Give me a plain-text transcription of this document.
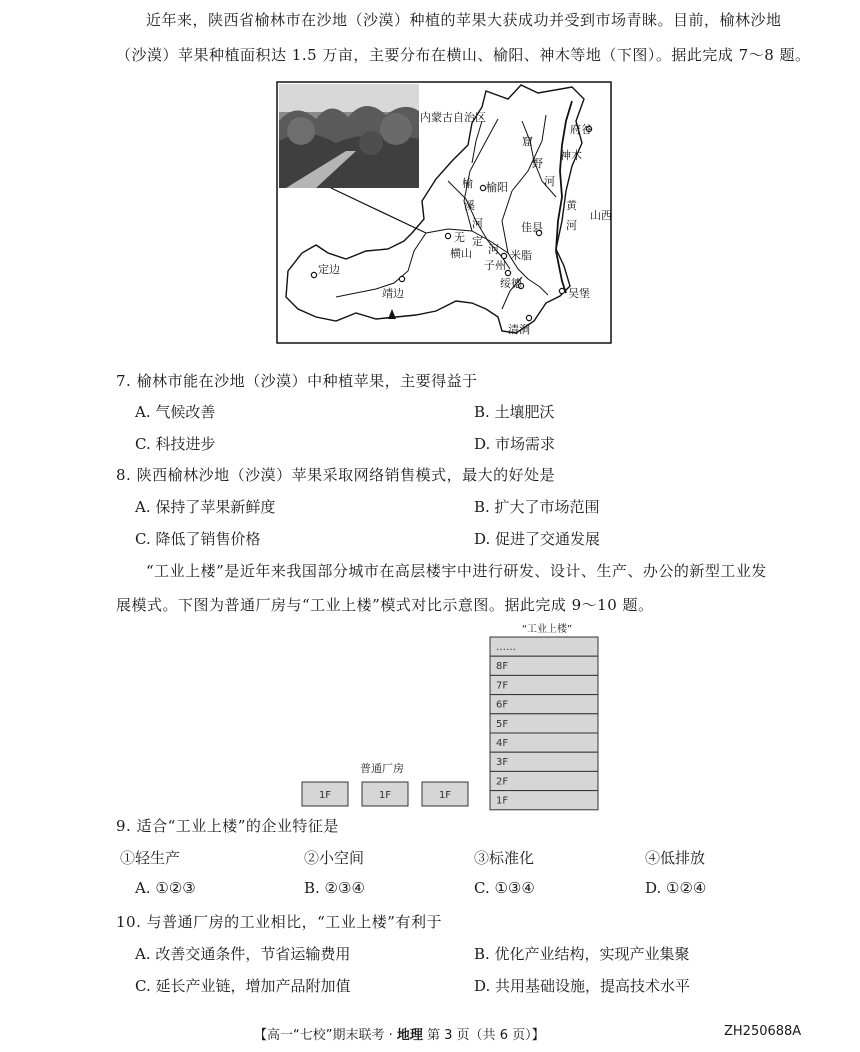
近年来，陕西省榆林市在沙地（沙漠）种植的苹果大获成功并受到市场青睐。目前，榆林沙地
（沙漠）苹果种植面积达 1.5 万亩，主要分布在横山、榆阳、神木等地（下图）。据此完成 7～8 题。
内蒙古自治区
府谷
窟
神木
野
河
黄
河
山西
榆 榆阳
溪
河	佳县
无 定
横山 河 米脂
子州
定边
靖边
绥德
吴堡
清涧
7. 榆林市能在沙地（沙漠）中种植苹果，主要得益于
A. 气候改善	B. 土壤肥沃
C. 科技进步	D. 市场需求
8. 陕西榆林沙地（沙漠）苹果采取网络销售模式，最大的好处是
A. 保持了苹果新鲜度	B. 扩大了市场范围
C. 降低了销售价格	D. 促进了交通发展
“工业上楼”是近年来我国部分城市在高层楼宇中进行研发、设计、生产、办公的新型工业发
展模式。下图为普通厂房与“工业上楼”模式对比示意图。据此完成 9～10 题。
“工业上楼”
普通厂房
1F	1F	1F
……
8F
7F
6F
5F
4F
3F
2F
1F
9. 适合“工业上楼”的企业特征是
①轻生产	②小空间	③标准化	④低排放
A. ①②③	B. ②③④	C. ①③④	D. ①②④
10. 与普通厂房的工业相比，“工业上楼”有利于
A. 改善交通条件，节省运输费用	B. 优化产业结构，实现产业集聚
C. 延长产业链，增加产品附加值	D. 共用基础设施，提高技术水平
【高一“七校”期末联考 · 地理 第 3 页（共 6 页）】	ZH250688A
